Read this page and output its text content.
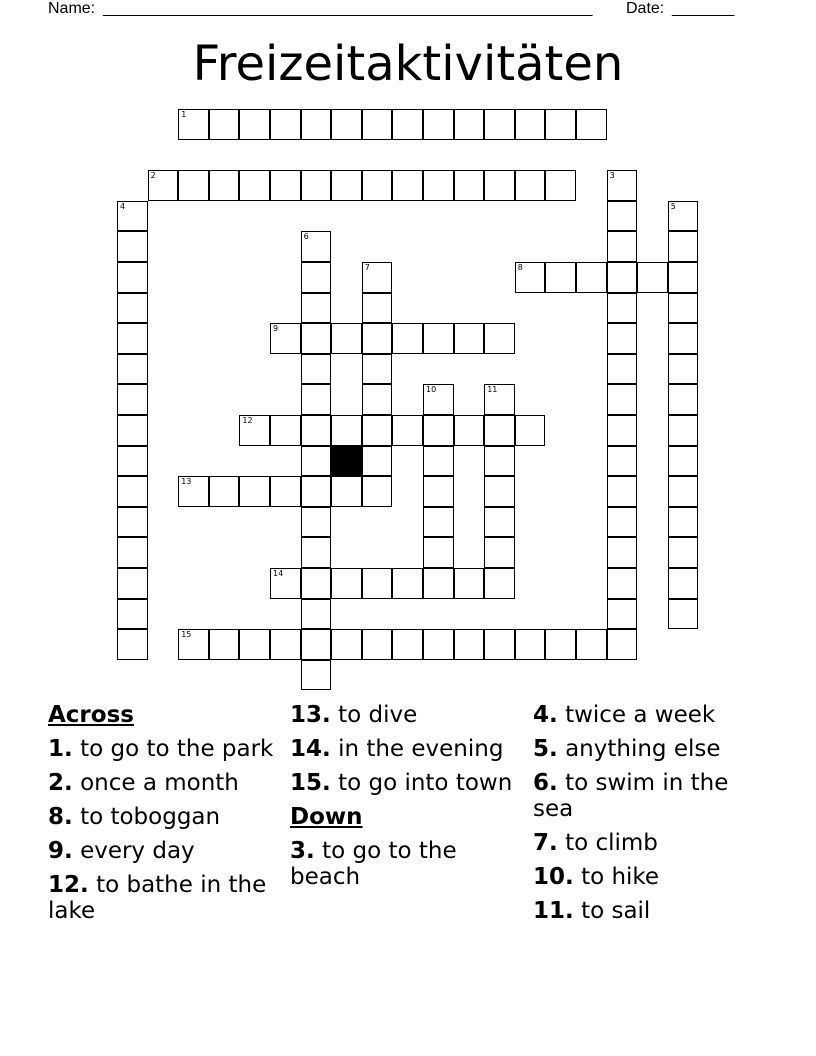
Name: _______________________________________________________ Date: _______
Freizeitaktivitäten
1
2	3
4	5
6
7	8
9
10	11
12
13
14
15
Across
1. to go to the park
2. once a month
8. to toboggan
9. every day
12. to bathe in the lake
13. to dive
14. in the evening
15. to go into town
Down
3. to go to the beach
4. twice a week
5. anything else
6. to swim in the sea
7. to climb
10. to hike
11. to sail
